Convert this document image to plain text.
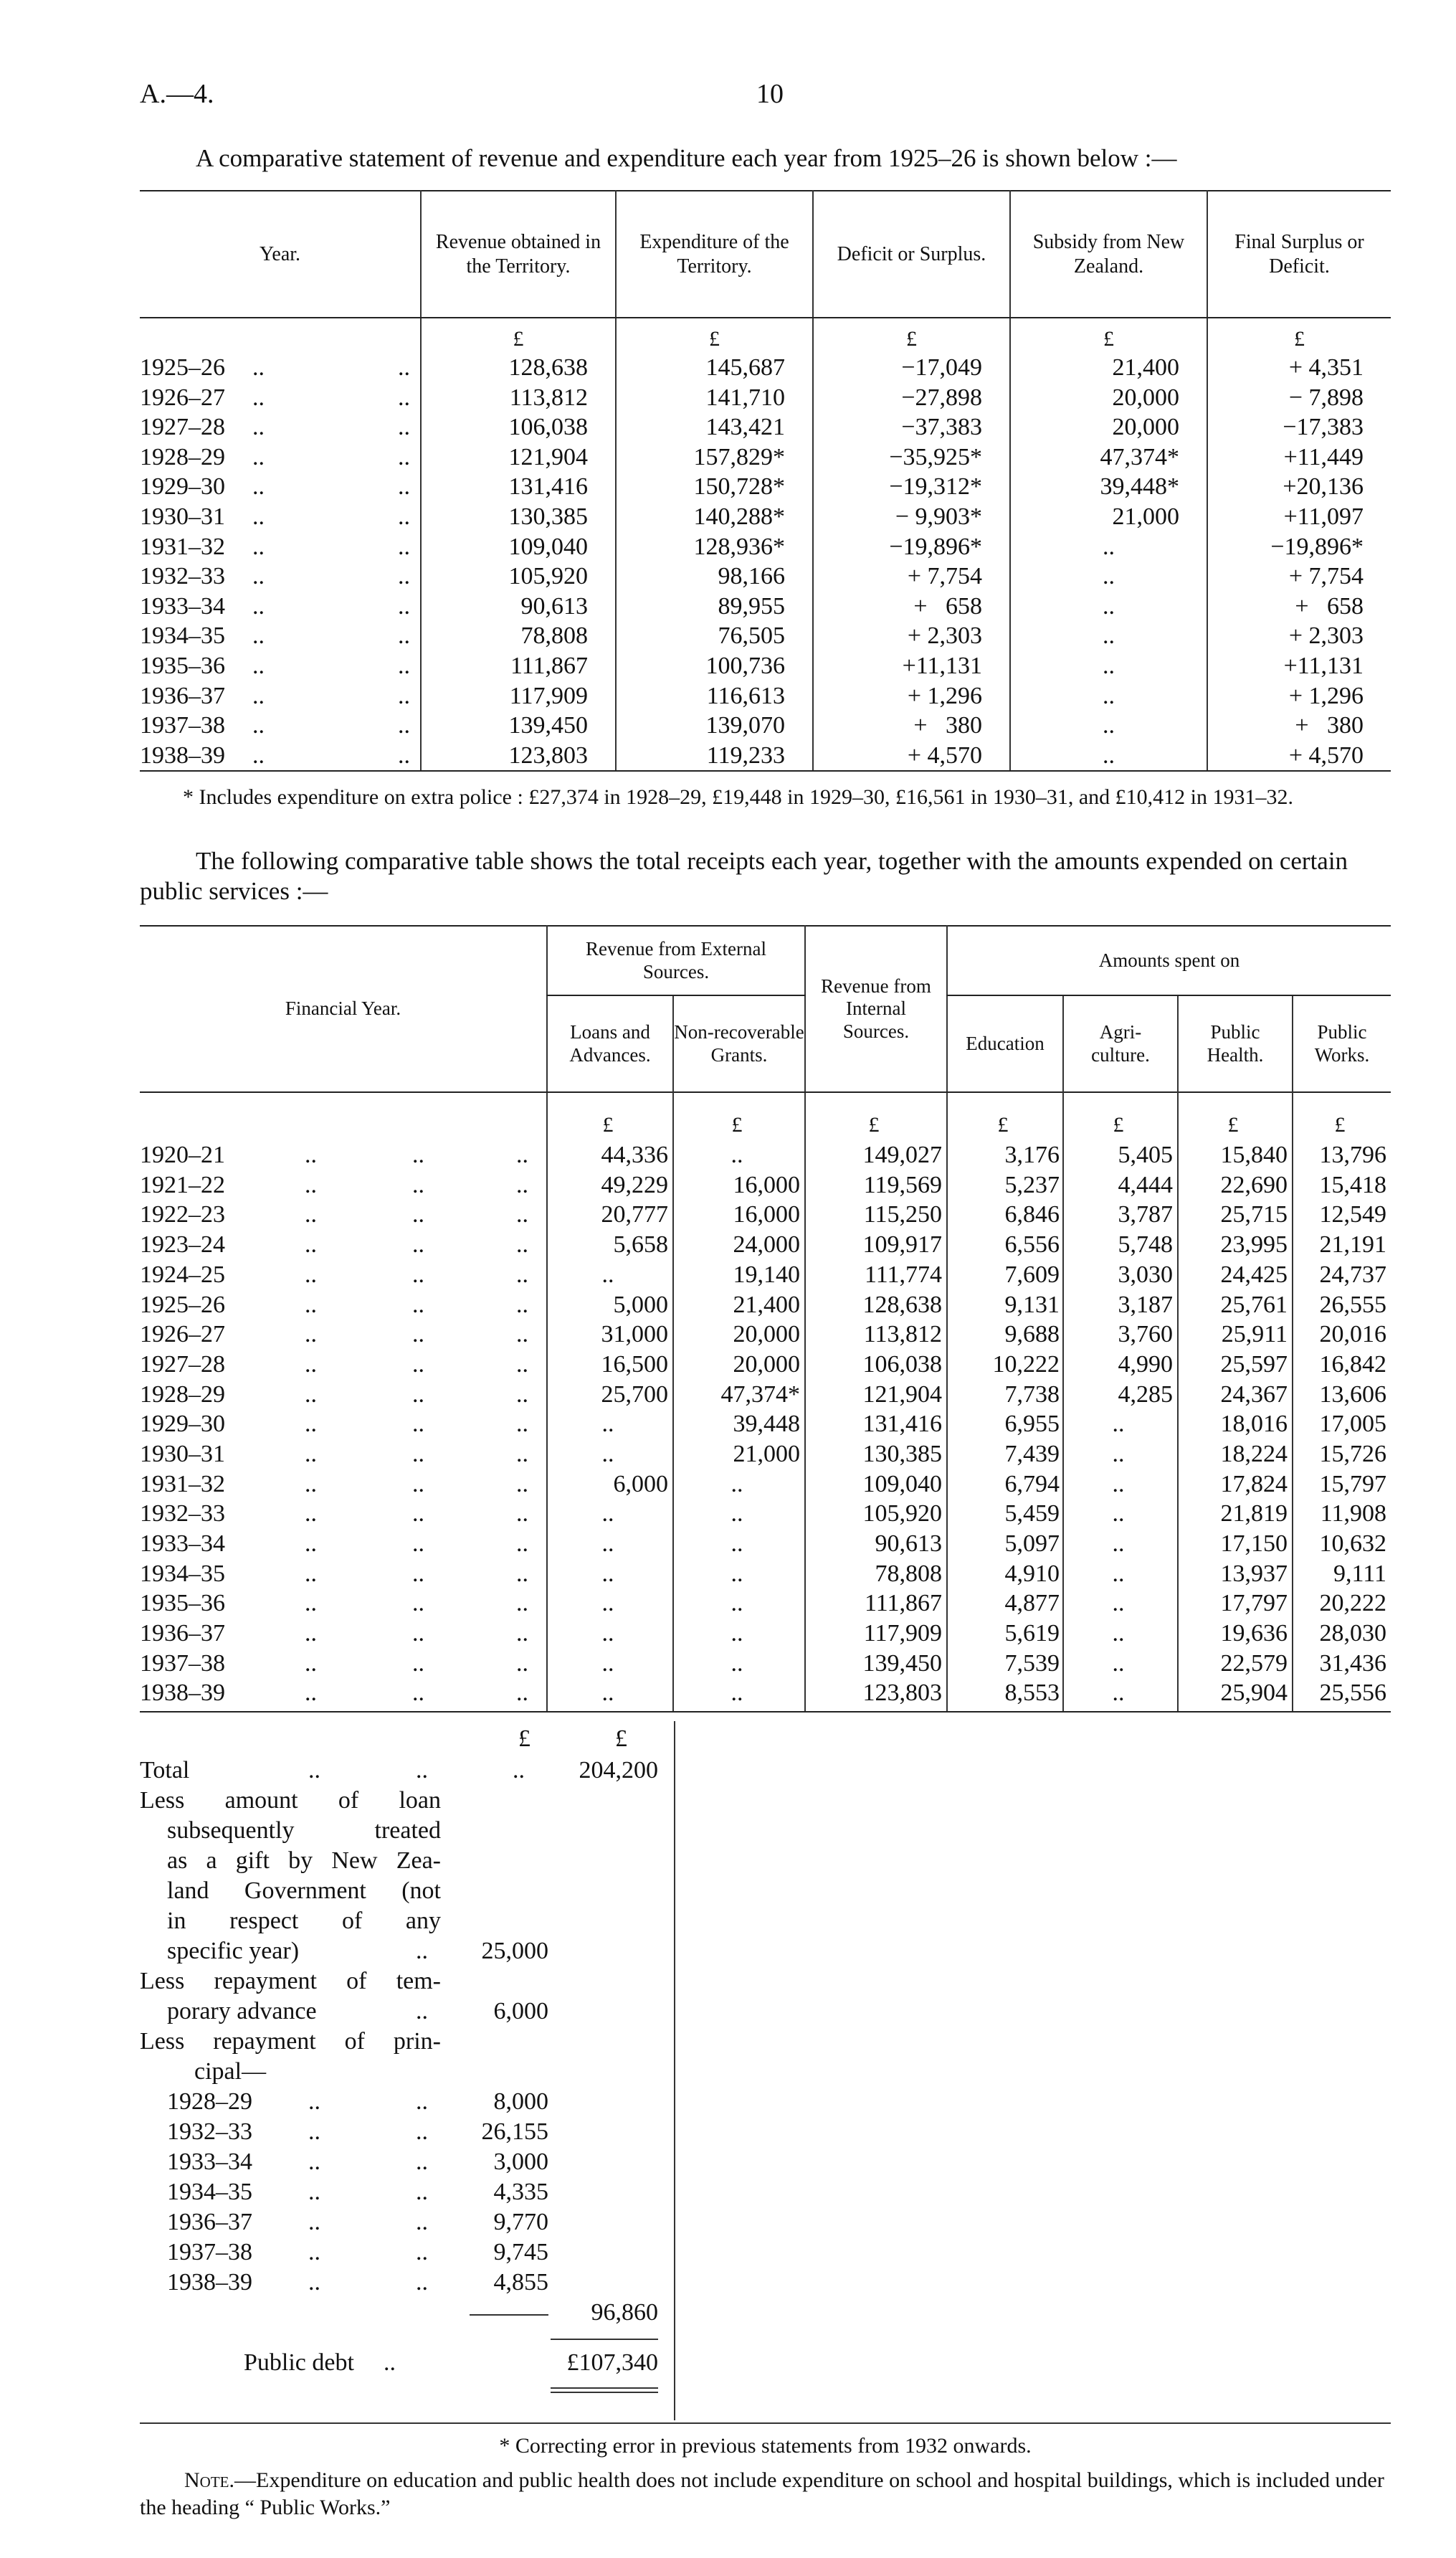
A.—4.	10
A comparative statement of revenue and expenditure each year from 1925–26 is shown below :—
Year.	Revenue obtained in the Territory.	Expenditure of the Territory.	Deficit or Surplus.	Subsidy from New Zealand.	Final Surplus or Deficit.
	£	£	£	£	£
1925–26 .. ..	128,638	145,687	−17,049	21,400	+ 4,351
1926–27 .. ..	113,812	141,710	−27,898	20,000	− 7,898
1927–28 .. ..	106,038	143,421	−37,383	20,000	−17,383
1928–29 .. ..	121,904	157,829*	−35,925*	47,374*	+11,449
1929–30 .. ..	131,416	150,728*	−19,312*	39,448*	+20,136
1930–31 .. ..	130,385	140,288*	− 9,903*	21,000	+11,097
1931–32 .. ..	109,040	128,936*	−19,896*	..	−19,896*
1932–33 .. ..	105,920	98,166	+ 7,754	..	+ 7,754
1933–34 .. ..	90,613	89,955	+   658	..	+   658
1934–35 .. ..	78,808	76,505	+ 2,303	..	+ 2,303
1935–36 .. ..	111,867	100,736	+11,131	..	+11,131
1936–37 .. ..	117,909	116,613	+ 1,296	..	+ 1,296
1937–38 .. ..	139,450	139,070	+   380	..	+   380
1938–39 .. ..	123,803	119,233	+ 4,570	..	+ 4,570
* Includes expenditure on extra police : £27,374 in 1928–29, £19,448 in 1929–30, £16,561 in 1930–31, and £10,412 in 1931–32.
The following comparative table shows the total receipts each year, together with the amounts expended on certain public services :—
Financial Year.	Revenue from External Sources.		Revenue from Internal Sources.	Amounts spent on			
	Loans and Advances.	Non-recoverable Grants.		Education	Agri-culture.	Public Health.	Public Works.
	£	£	£	£	£	£	£
1920–21 .. .. ..	44,336	..	149,027	3,176	5,405	15,840	13,796
1921–22 .. .. ..	49,229	16,000	119,569	5,237	4,444	22,690	15,418
1922–23 .. .. ..	20,777	16,000	115,250	6,846	3,787	25,715	12,549
1923–24 .. .. ..	5,658	24,000	109,917	6,556	5,748	23,995	21,191
1924–25 .. .. ..	..	19,140	111,774	7,609	3,030	24,425	24,737
1925–26 .. .. ..	5,000	21,400	128,638	9,131	3,187	25,761	26,555
1926–27 .. .. ..	31,000	20,000	113,812	9,688	3,760	25,911	20,016
1927–28 .. .. ..	16,500	20,000	106,038	10,222	4,990	25,597	16,842
1928–29 .. .. ..	25,700	47,374*	121,904	7,738	4,285	24,367	13,606
1929–30 .. .. ..	..	39,448	131,416	6,955	..	18,016	17,005
1930–31 .. .. ..	..	21,000	130,385	7,439	..	18,224	15,726
1931–32 .. .. ..	6,000	..	109,040	6,794	..	17,824	15,797
1932–33 .. .. ..	..	..	105,920	5,459	..	21,819	11,908
1933–34 .. .. ..	..	..	90,613	5,097	..	17,150	10,632
1934–35 .. .. ..	..	..	78,808	4,910	..	13,937	9,111
1935–36 .. .. ..	..	..	111,867	4,877	..	17,797	20,222
1936–37 .. .. ..	..	..	117,909	5,619	..	19,636	28,030
1937–38 .. .. ..	..	..	139,450	7,539	..	22,579	31,436
1938–39 .. .. ..	..	..	123,803	8,553	..	25,904	25,556
£	£
Total	..	..	.. 204,200
Less amount of loan
subsequently treated
as a gift by New Zea-
land Government (not
in respect of any
specific year)	.. 25,000
Less repayment of tem-
porary advance	..	6,000
Less repayment of prin-
cipal—
1928–29	..	..	8,000
1932–33	..	.. 26,155
1933–34	..	..	3,000
1934–35	..	..	4,335
1936–37	..	..	9,770
1937–38	..	..	9,745
1938–39	..	..	4,855
96,860
Public debt	..	£107,340
* Correcting error in previous statements from 1932 onwards.
Note.—Expenditure on education and public health does not include expenditure on school and hospital buildings, which is included under the heading “ Public Works.”
